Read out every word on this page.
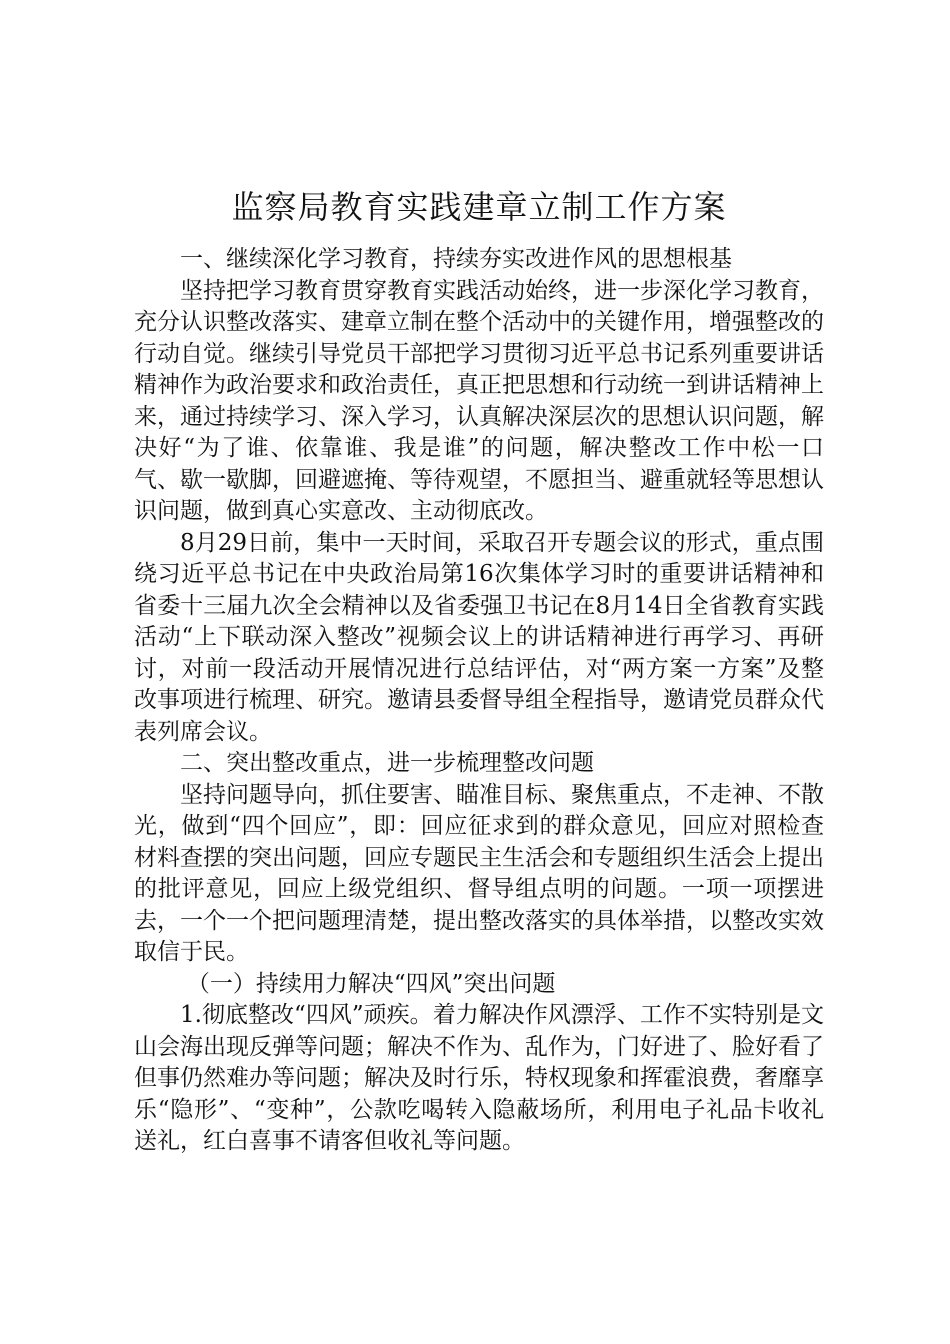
监察局教育实践建章立制工作方案

一、继续深化学习教育，持续夯实改进作风的思想根基

坚持把学习教育贯穿教育实践活动始终，进一步深化学习教育，充分认识整改落实、建章立制在整个活动中的关键作用，增强整改的行动自觉。继续引导党员干部把学习贯彻习近平总书记系列重要讲话精神作为政治要求和政治责任，真正把思想和行动统一到讲话精神上来，通过持续学习、深入学习，认真解决深层次的思想认识问题，解决好“为了谁、依靠谁、我是谁”的问题，解决整改工作中松一口气、歇一歇脚，回避遮掩、等待观望，不愿担当、避重就轻等思想认识问题，做到真心实意改、主动彻底改。

8月29日前，集中一天时间，采取召开专题会议的形式，重点围绕习近平总书记在中央政治局第16次集体学习时的重要讲话精神和省委十三届九次全会精神以及省委强卫书记在8月14日全省教育实践活动“上下联动深入整改”视频会议上的讲话精神进行再学习、再研讨，对前一段活动开展情况进行总结评估，对“两方案一方案”及整改事项进行梳理、研究。邀请县委督导组全程指导，邀请党员群众代表列席会议。

二、突出整改重点，进一步梳理整改问题

坚持问题导向，抓住要害、瞄准目标、聚焦重点，不走神、不散光，做到“四个回应”，即：回应征求到的群众意见，回应对照检查材料查摆的突出问题，回应专题民主生活会和专题组织生活会上提出的批评意见，回应上级党组织、督导组点明的问题。一项一项摆进去，一个一个把问题理清楚，提出整改落实的具体举措，以整改实效取信于民。

（一）持续用力解决“四风”突出问题

1.彻底整改“四风”顽疾。着力解决作风漂浮、工作不实特别是文山会海出现反弹等问题；解决不作为、乱作为，门好进了、脸好看了但事仍然难办等问题；解决及时行乐，特权现象和挥霍浪费，奢靡享乐“隐形”、“变种”，公款吃喝转入隐蔽场所，利用电子礼品卡收礼送礼，红白喜事不请客但收礼等问题。
